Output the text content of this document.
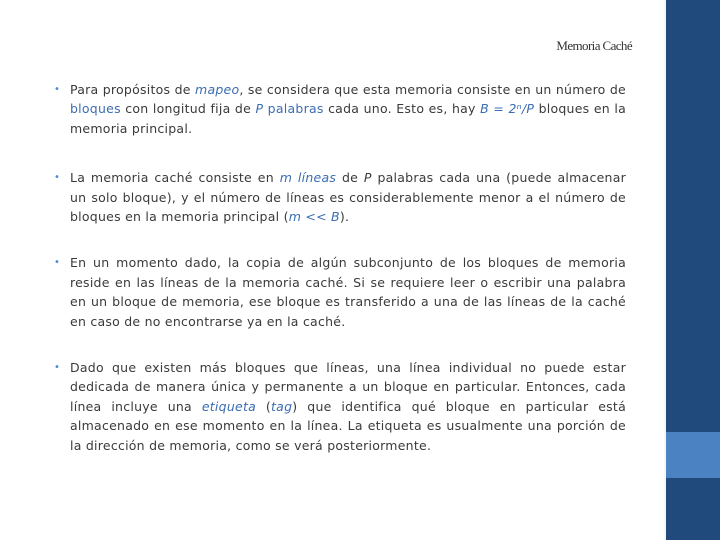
Memoria Caché

• Para propósitos de mapeo, se considera que esta memoria consiste en un número de bloques con longitud fija de P palabras cada uno. Esto es, hay B = 2ⁿ/P bloques en la memoria principal.

• La memoria caché consiste en m líneas de P palabras cada una (puede almacenar un solo bloque), y el número de líneas es considerablemente menor a el número de bloques en la memoria principal (m << B).

• En un momento dado, la copia de algún subconjunto de los bloques de memoria reside en las líneas de la memoria caché. Si se requiere leer o escribir una palabra en un bloque de memoria, ese bloque es transferido a una de las líneas de la caché en caso de no encontrarse ya en la caché.

• Dado que existen más bloques que líneas, una línea individual no puede estar dedicada de manera única y permanente a un bloque en particular. Entonces, cada línea incluye una etiqueta (tag) que identifica qué bloque en particular está almacenado en ese momento en la línea. La etiqueta es usualmente una porción de la dirección de memoria, como se verá posteriormente.
